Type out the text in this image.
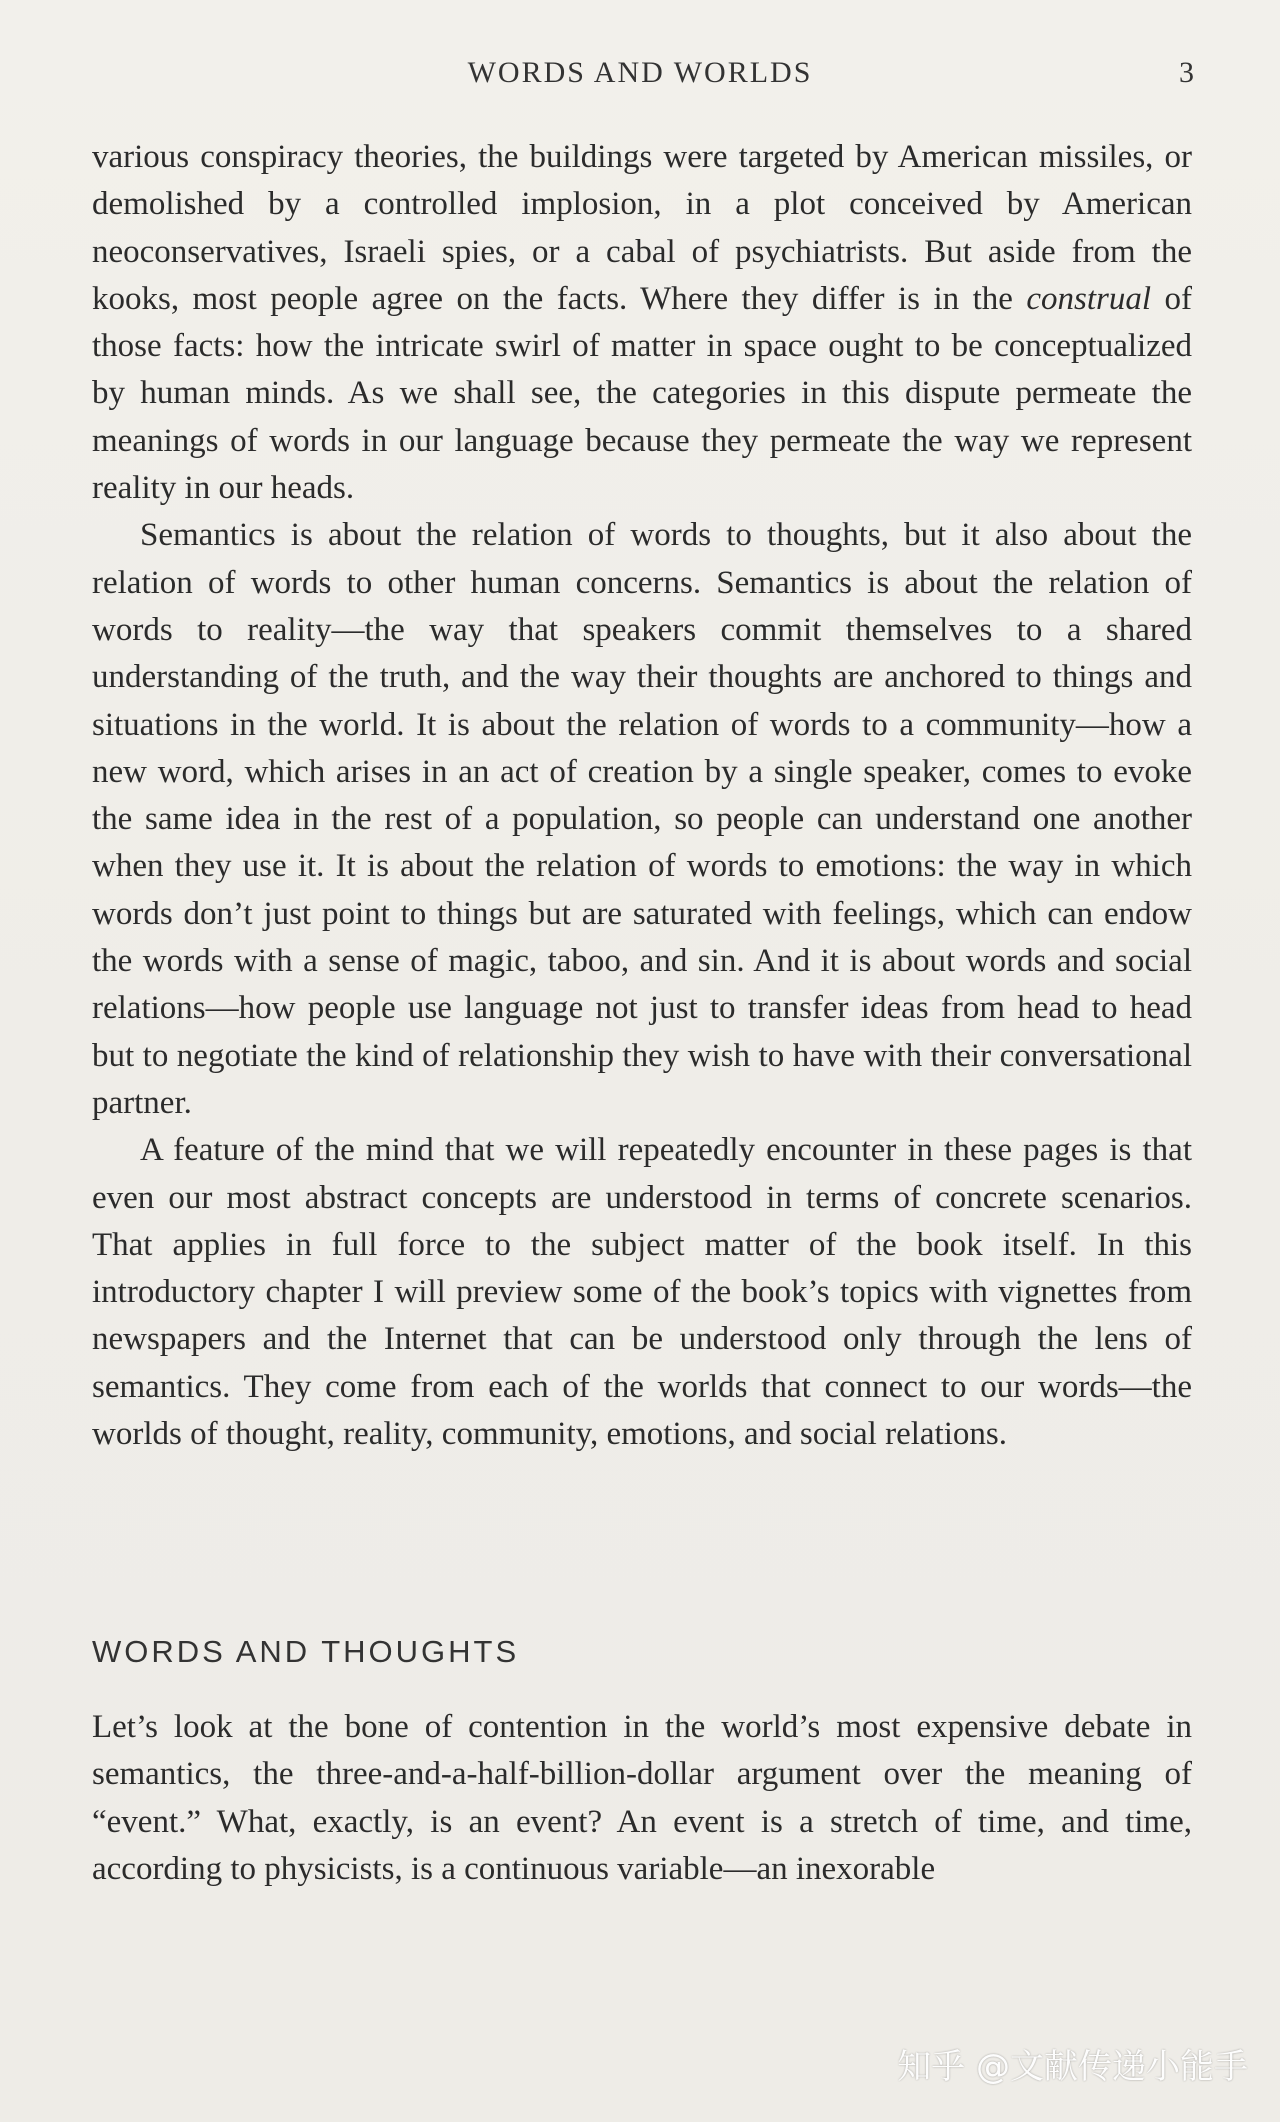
WORDS AND WORLDS	3

various conspiracy theories, the buildings were targeted by American missiles, or demolished by a controlled implosion, in a plot conceived by American neoconservatives, Israeli spies, or a cabal of psychiatrists. But aside from the kooks, most people agree on the facts. Where they differ is in the construal of those facts: how the intricate swirl of matter in space ought to be conceptualized by human minds. As we shall see, the categories in this dispute permeate the meanings of words in our language because they permeate the way we represent reality in our heads.

Semantics is about the relation of words to thoughts, but it also about the relation of words to other human concerns. Semantics is about the relation of words to reality—the way that speakers commit themselves to a shared understanding of the truth, and the way their thoughts are anchored to things and situations in the world. It is about the relation of words to a community—how a new word, which arises in an act of creation by a single speaker, comes to evoke the same idea in the rest of a population, so people can understand one another when they use it. It is about the relation of words to emotions: the way in which words don’t just point to things but are saturated with feelings, which can endow the words with a sense of magic, taboo, and sin. And it is about words and social relations—how people use language not just to transfer ideas from head to head but to negotiate the kind of relationship they wish to have with their conversational partner.

A feature of the mind that we will repeatedly encounter in these pages is that even our most abstract concepts are understood in terms of concrete scenarios. That applies in full force to the subject matter of the book itself. In this introductory chapter I will preview some of the book’s topics with vignettes from newspapers and the Internet that can be understood only through the lens of semantics. They come from each of the worlds that connect to our words—the worlds of thought, reality, community, emotions, and social relations.

WORDS AND THOUGHTS

Let’s look at the bone of contention in the world’s most expensive debate in semantics, the three-and-a-half-billion-dollar argument over the meaning of “event.” What, exactly, is an event? An event is a stretch of time, and time, according to physicists, is a continuous variable—an inexorable

知乎 @文献传递小能手
